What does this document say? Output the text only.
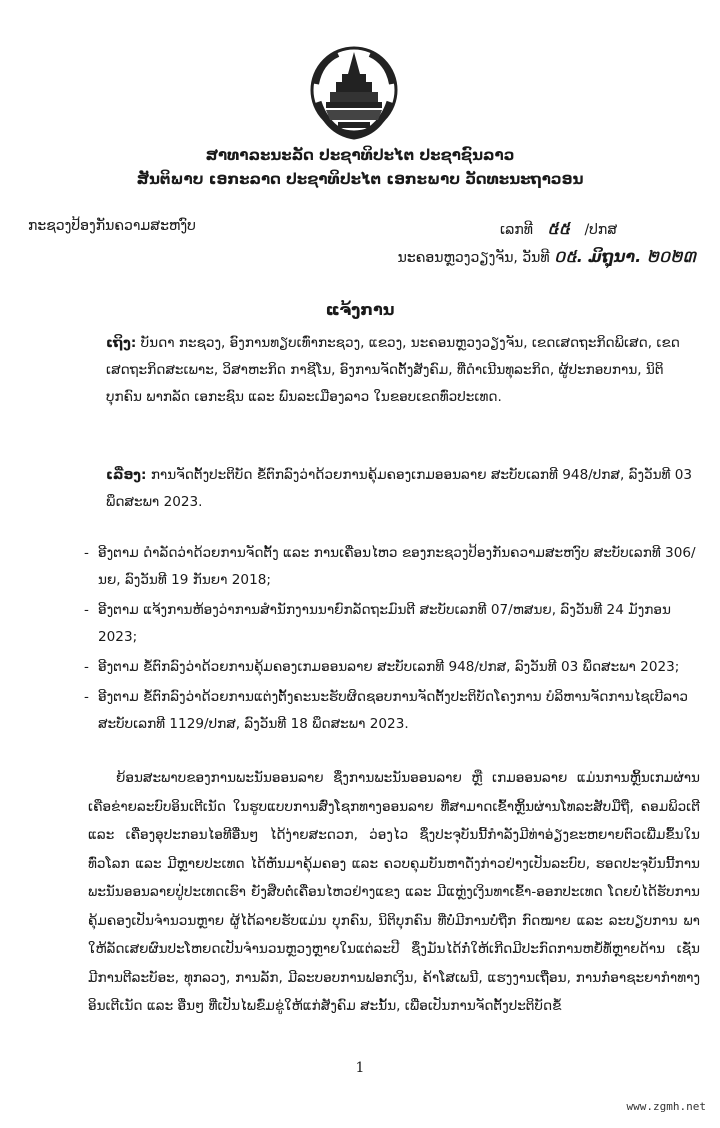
ສາທາລະນະລັດ ປະຊາທິປະໄຕ ປະຊາຊົນລາວ
ສັນຕິພາບ ເອກະລາດ ປະຊາທິປະໄຕ ເອກະພາບ ວັດທະນະຖາວອນ
ກະຊວງປ້ອງກັນຄວາມສະຫງົບ	ເລກທີ ៥៥ /ປກສ
ນະຄອນຫຼວງວຽງຈັນ, ວັນທີ ០៥. ມິຖຸນາ. ២០២៣
ແຈ້ງການ
ເຖິງ: ບັນດາ ກະຊວງ, ອົງການທຽບເທົ່າກະຊວງ, ແຂວງ, ນະຄອນຫຼວງວຽງຈັນ, ເຂດເສດຖະກິດພິເສດ, ເຂດເສດຖະກິດສະເພາະ, ວິສາຫະກິດ ກາຊີໂນ, ອົງການຈັດຕັ້ງສັງຄົມ, ທີ່ດຳເນີນທຸລະກິດ, ຜູ້ປະກອບການ, ນິຕິບຸກຄົນ ພາກລັດ ເອກະຊົນ ແລະ ພົນລະເມືອງລາວ ໃນຂອບເຂດທົ່ວປະເທດ.
ເລື່ອງ: ການຈັດຕັ້ງປະຕິບັດ ຂໍ້ຕົກລົງວ່າດ້ວຍການຄຸ້ມຄອງເກມອອນລາຍ ສະບັບເລກທີ 948/ປກສ, ລົງວັນທີ 03 ພຶດສະພາ 2023.
- ອີງຕາມ ດຳລັດວ່າດ້ວຍການຈັດຕັ້ງ ແລະ ການເຄື່ອນໄຫວ ຂອງກະຊວງປ້ອງກັນຄວາມສະຫງົບ ສະບັບເລກທີ 306/ນຍ, ລົງວັນທີ 19 ກັນຍາ 2018;
- ອີງຕາມ ແຈ້ງການຫ້ອງວ່າການສຳນັກງານນາຍົກລັດຖະມົນຕີ ສະບັບເລກທີ 07/ຫສນຍ, ລົງວັນທີ 24 ມັງກອນ 2023;
- ອີງຕາມ ຂໍ້ຕົກລົງວ່າດ້ວຍການຄຸ້ມຄອງເກມອອນລາຍ ສະບັບເລກທີ 948/ປກສ, ລົງວັນທີ 03 ພຶດສະພາ 2023;
- ອີງຕາມ ຂໍ້ຕົກລົງວ່າດ້ວຍການແຕ່ງຕັ້ງຄະນະຮັບຜິດຊອບການຈັດຕັ້ງປະຕິບັດໂຄງການ ບໍລິຫານຈັດການໄຊເບີລາວ ສະບັບເລກທີ 1129/ປກສ, ລົງວັນທີ 18 ພຶດສະພາ 2023.
ຍ້ອນສະພາບຂອງການພະນັນອອນລາຍ ຊຶ່ງການພະນັນອອນລາຍ ຫຼື ເກມອອນລາຍ ແມ່ນການຫຼິ້ນເກມຜ່ານເຄືອຂ່າຍລະບົບອິນເຕີເນັດ ໃນຮູບແບບການສົ່ງໂຊກທາງອອນລາຍ ທີ່ສາມາດເຂົ້າຫຼິ້ນຜ່ານໂທລະສັບມືຖື, ຄອມພິວເຕີ ແລະ ເຄື່ອງອຸປະກອນໄອທີອື່ນໆ ໄດ້ງ່າຍສະດວກ, ວ່ອງໄວ ຊຶ່ງປະຈຸບັນນີ້ກຳລັງມີທ່າອ່ຽງຂະຫຍາຍຕົວເພີ່ມຂຶ້ນໃນທົ່ວໂລກ ແລະ ມີຫຼາຍປະເທດ ໄດ້ຫັນມາຄຸ້ມຄອງ ແລະ ຄວບຄຸມບັນຫາດັ່ງກ່າວຢ່າງເປັນລະບົບ, ຮອດປະຈຸບັນນີ້ການພະນັນອອນລາຍປູ່ປະເທດເຮົາ ຍັງສືບຕໍ່ເຄື່ອນໄຫວຢ່າງແຂງ ແລະ ມີແຫຼ່ງເງິນທາເຂົ້າ-ອອກປະເທດ ໂດຍບໍ່ໄດ້ຮັບການຄຸ້ມຄອງເປັນຈຳນວນຫຼາຍ ຜູ້ໄດ້ລາຍຮັບແມ່ນ ບຸກຄົນ, ນິຕິບຸກຄົນ ທີ່ບໍ່ມີການບໍ່ຖືກ ກົດໝາຍ ແລະ ລະບຽບການ ພາໃຫ້ລັດເສຍຜົນປະໂຫຍດເປັນຈຳນວນຫຼວງຫຼາຍໃນແຕ່ລະປີ ຊຶ່ງມັນໄດ້ກໍ່ໃຫ້ເກີດມີປະກົດການຫຍໍ້ທໍ້ຫຼາຍດ້ານ ເຊັ່ນ ມີການຕີລະບັອະ, ທຸກລວງ, ການລັກ, ມີລະບອບການຟອກເງິນ, ຄ້າໂສເພນີ, ແຮງງານເຖື່ອນ, ການກໍ່ອາຊະຍາກຳທາງອິນເຕີເນັດ ແລະ ອື່ນໆ ທີ່ເປັນໄພຂົ່ມຂູ່ໃຫ້ແກ່ສັງຄົມ ສະນັ້ນ, ເພື່ອເປັນການຈັດຕັ້ງປະຕິບັດຂໍ້
1
www.zgmh.net
